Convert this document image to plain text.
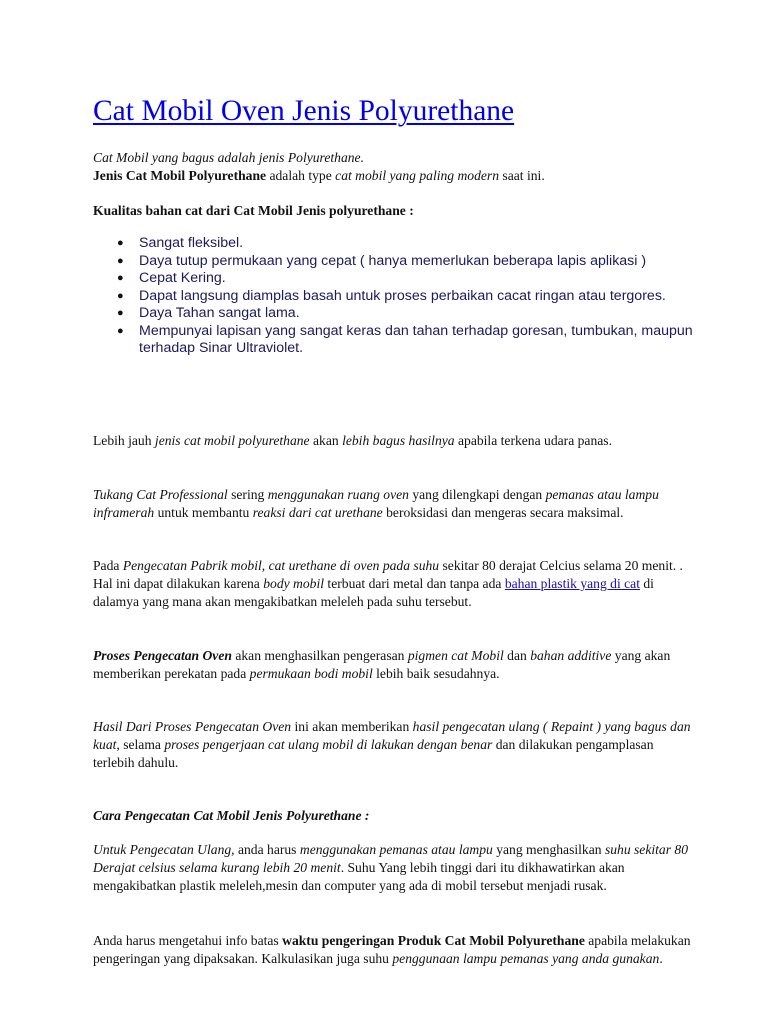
Cat Mobil Oven Jenis Polyurethane

Cat Mobil yang bagus adalah jenis Polyurethane.

Jenis Cat Mobil Polyurethane adalah type cat mobil yang paling modern saat ini.

Kualitas bahan cat dari Cat Mobil Jenis polyurethane :

● Sangat fleksibel.
● Daya tutup permukaan yang cepat ( hanya memerlukan beberapa lapis aplikasi )
● Cepat Kering.
● Dapat langsung diamplas basah untuk proses perbaikan cacat ringan atau tergores.
● Daya Tahan sangat lama.
● Mempunyai lapisan yang sangat keras dan tahan terhadap goresan, tumbukan, maupun terhadap Sinar Ultraviolet.

Lebih jauh jenis cat mobil polyurethane akan lebih bagus hasilnya apabila terkena udara panas.

Tukang Cat Professional sering menggunakan ruang oven yang dilengkapi dengan pemanas atau lampu inframerah untuk membantu reaksi dari cat urethane beroksidasi dan mengeras secara maksimal.

Pada Pengecatan Pabrik mobil, cat urethane di oven pada suhu sekitar 80 derajat Celcius selama 20 menit. . Hal ini dapat dilakukan karena body mobil terbuat dari metal dan tanpa ada bahan plastik yang di cat di dalamya yang mana akan mengakibatkan meleleh pada suhu tersebut.

Proses Pengecatan Oven akan menghasilkan pengerasan pigmen cat Mobil dan bahan additive yang akan memberikan perekatan pada permukaan bodi mobil lebih baik sesudahnya.

Hasil Dari Proses Pengecatan Oven ini akan memberikan hasil pengecatan ulang ( Repaint ) yang bagus dan kuat, selama proses pengerjaan cat ulang mobil di lakukan dengan benar dan dilakukan pengamplasan terlebih dahulu.

Cara Pengecatan Cat Mobil Jenis Polyurethane :

Untuk Pengecatan Ulang, anda harus menggunakan pemanas atau lampu yang menghasilkan suhu sekitar 80 Derajat celsius selama kurang lebih 20 menit. Suhu Yang lebih tinggi dari itu dikhawatirkan akan mengakibatkan plastik meleleh,mesin dan computer yang ada di mobil tersebut menjadi rusak.

Anda harus mengetahui info batas waktu pengeringan Produk Cat Mobil Polyurethane apabila melakukan pengeringan yang dipaksakan. Kalkulasikan juga suhu penggunaan lampu pemanas yang anda gunakan.
